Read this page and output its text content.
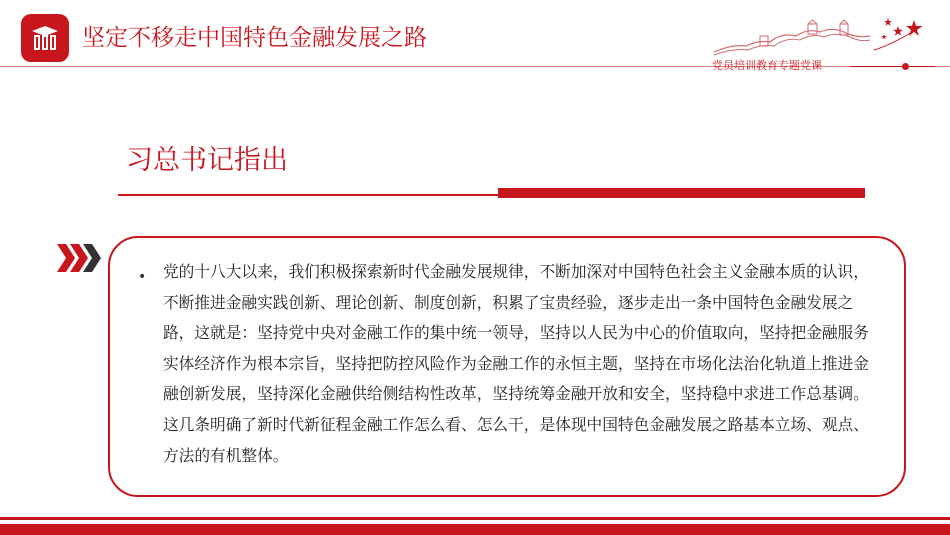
坚定不移走中国特色金融发展之路
党员培训教育专题党课
习总书记指出
• 党的十八大以来，我们积极探索新时代金融发展规律，不断加深对中国特色社会主义金融本质的认识，不断推进金融实践创新、理论创新、制度创新，积累了宝贵经验，逐步走出一条中国特色金融发展之路，这就是：坚持党中央对金融工作的集中统一领导，坚持以人民为中心的价值取向，坚持把金融服务实体经济作为根本宗旨，坚持把防控风险作为金融工作的永恒主题，坚持在市场化法治化轨道上推进金融创新发展，坚持深化金融供给侧结构性改革，坚持统筹金融开放和安全，坚持稳中求进工作总基调。这几条明确了新时代新征程金融工作怎么看、怎么干，是体现中国特色金融发展之路基本立场、观点、方法的有机整体。
